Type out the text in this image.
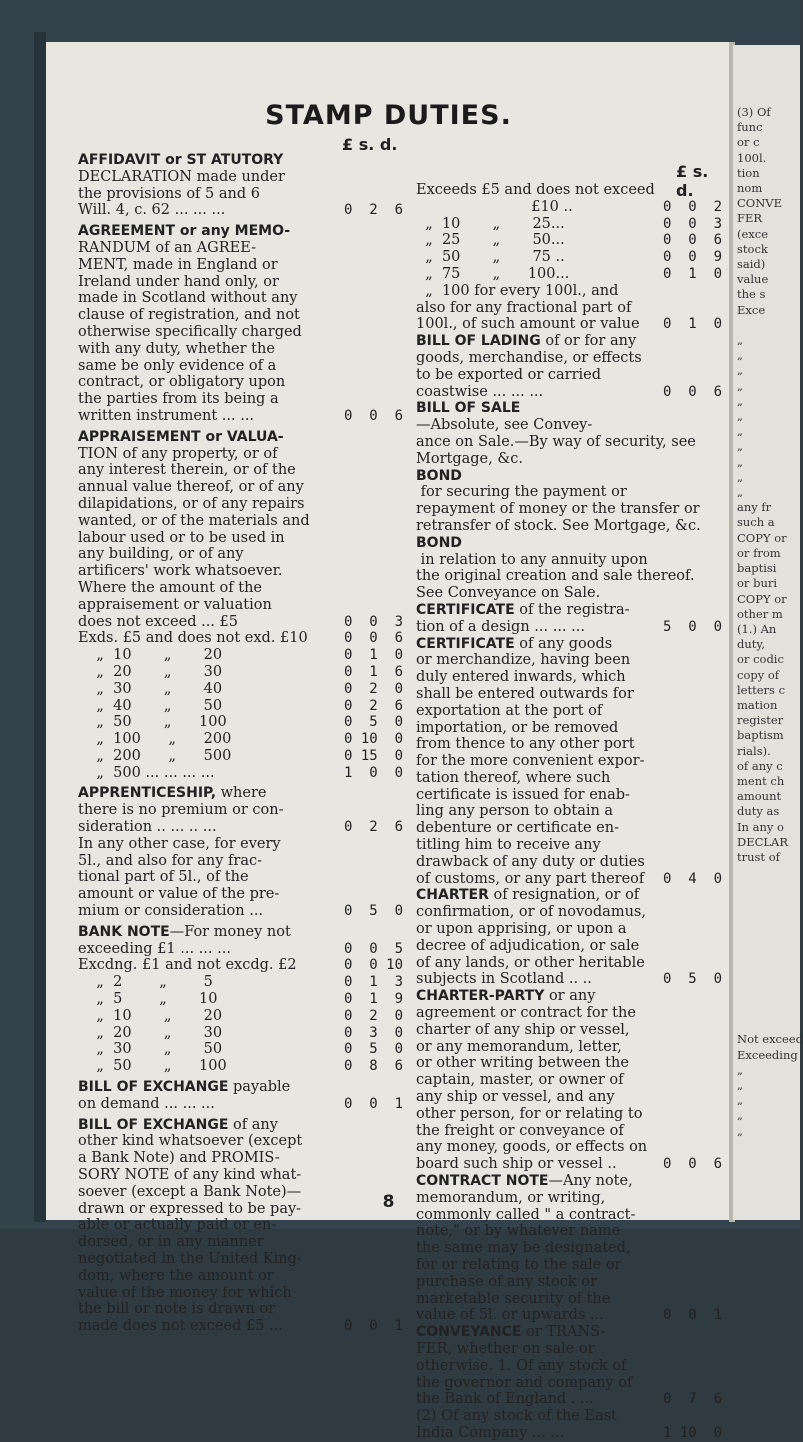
STAMP DUTIES.
£ s. d.
£ s. d.
AFFIDAVIT or ST ATUTORY
DECLARATION made under
the provisions of 5 and 6
Will. 4, c. 62 ... ... ...	0  2  6
AGREEMENT or any MEMO-
RANDUM of an AGREE-
MENT, made in England or
Ireland under hand only, or
made in Scotland without any
clause of registration, and not
otherwise specifically charged
with any duty, whether the
same be only evidence of a
contract, or obligatory upon
the parties from its being a
written instrument ... ...	0  0  6
APPRAISEMENT or VALUA-
TION of any property, or of
any interest therein, or of the
annual value thereof, or of any
dilapidations, or of any repairs
wanted, or of the materials and
labour used or to be used in
any building, or of any
artificers' work whatsoever.
Where the amount of the
appraisement or valuation
does not exceed ... £5	0  0  3
Exds. £5 and does not exd. £10	0  0  6
„  10       „       20	0  1  0
„  20       „       30	0  1  6
„  30       „       40	0  2  0
„  40       „       50	0  2  6
„  50       „      100	0  5  0
„  100      „      200	0 10  0
„  200      „      500	0 15  0
„  500 ... ... ... ...	1  0  0
APPRENTICESHIP, where
there is no premium or con-
sideration .. ... .. ...	0  2  6
In any other case, for every
5l., and also for any frac-
tional part of 5l., of the
amount or value of the pre-
mium or consideration ...	0  5  0
BANK NOTE—For money not
exceeding £1 ... ... ...	0  0  5
Excdng. £1 and not excdg. £2	0  0 10
„  2        „        5	0  1  3
„  5        „       10	0  1  9
„  10       „       20	0  2  0
„  20       „       30	0  3  0
„  30       „       50	0  5  0
„  50       „      100	0  8  6
BILL OF EXCHANGE payable
on demand ... ... ...	0  0  1
BILL OF EXCHANGE of any
other kind whatsoever (except
a Bank Note) and PROMIS-
SORY NOTE of any kind what-
soever (except a Bank Note)—
drawn or expressed to be pay-
able or actually paid or en-
dorsed, or in any manner
negotiated in the United King-
dom, where the amount or
value of the money for which
the bill or note is drawn or
made does not exceed £5 ...	0  0  1
Exceeds £5 and does not exceed
£10 ..	0  0  2
„  10       „       25...	0  0  3
„  25       „       50...	0  0  6
„  50       „       75 ..	0  0  9
„  75       „      100...	0  1  0
„  100 for every 100l., and
also for any fractional part of
100l., of such amount or value	0  1  0
BILL OF LADING of or for any
goods, merchandise, or effects
to be exported or carried
coastwise ... ... ...	0  0  6
BILL OF SALE—Absolute, see Convey-
ance on Sale.—By way of security, see
Mortgage, &c.
BOND for securing the payment or
repayment of money or the transfer or
retransfer of stock. See Mortgage, &c.
BOND in relation to any annuity upon
the original creation and sale thereof.
See Conveyance on Sale.
CERTIFICATE of the registra-
tion of a design ... ... ...	5  0  0
CERTIFICATE of any goods
or merchandize, having been
duly entered inwards, which
shall be entered outwards for
exportation at the port of
importation, or be removed
from thence to any other port
for the more convenient expor-
tation thereof, where such
certificate is issued for enab-
ling any person to obtain a
debenture or certificate en-
titling him to receive any
drawback of any duty or duties
of customs, or any part thereof	0  4  0
CHARTER of resignation, or of
confirmation, or of novodamus,
or upon apprising, or upon a
decree of adjudication, or sale
of any lands, or other heritable
subjects in Scotland .. ..	0  5  0
CHARTER-PARTY or any
agreement or contract for the
charter of any ship or vessel,
or any memorandum, letter,
or other writing between the
captain, master, or owner of
any ship or vessel, and any
other person, for or relating to
the freight or conveyance of
any money, goods, or effects on
board such ship or vessel ..	0  0  6
CONTRACT NOTE—Any note,
memorandum, or writing,
commonly called " a contract-
note," or by whatever name
the same may be designated,
for or relating to the sale or
purchase of any stock or
marketable security of the
value of 5l. or upwards ...	0  0  1
CONVEYANCE or TRANS-
FER, whether on sale or
otherwise. 1. Of any stock of
the governor and company of
the Bank of England . ...	0  7  6
(2) Of any stock of the East
India Company ... ...	1 10  0
8
(3) Of
func
or c
100l.
tion
nom
CONVE
FER
(exce
stock
said)
value
the s
Exce

„
„
„
„
„
„
„
„
„
„
„
any fr
such a
COPY or
or from
baptisi
or buri
COPY or
other m
(1.) An
duty,
or codic
copy of
letters c
mation
register
baptism
rials).
of any c
ment ch
amount
duty as
In any o
DECLAR
trust of

Not exceed
Exceeding
„
„
„
„
„
